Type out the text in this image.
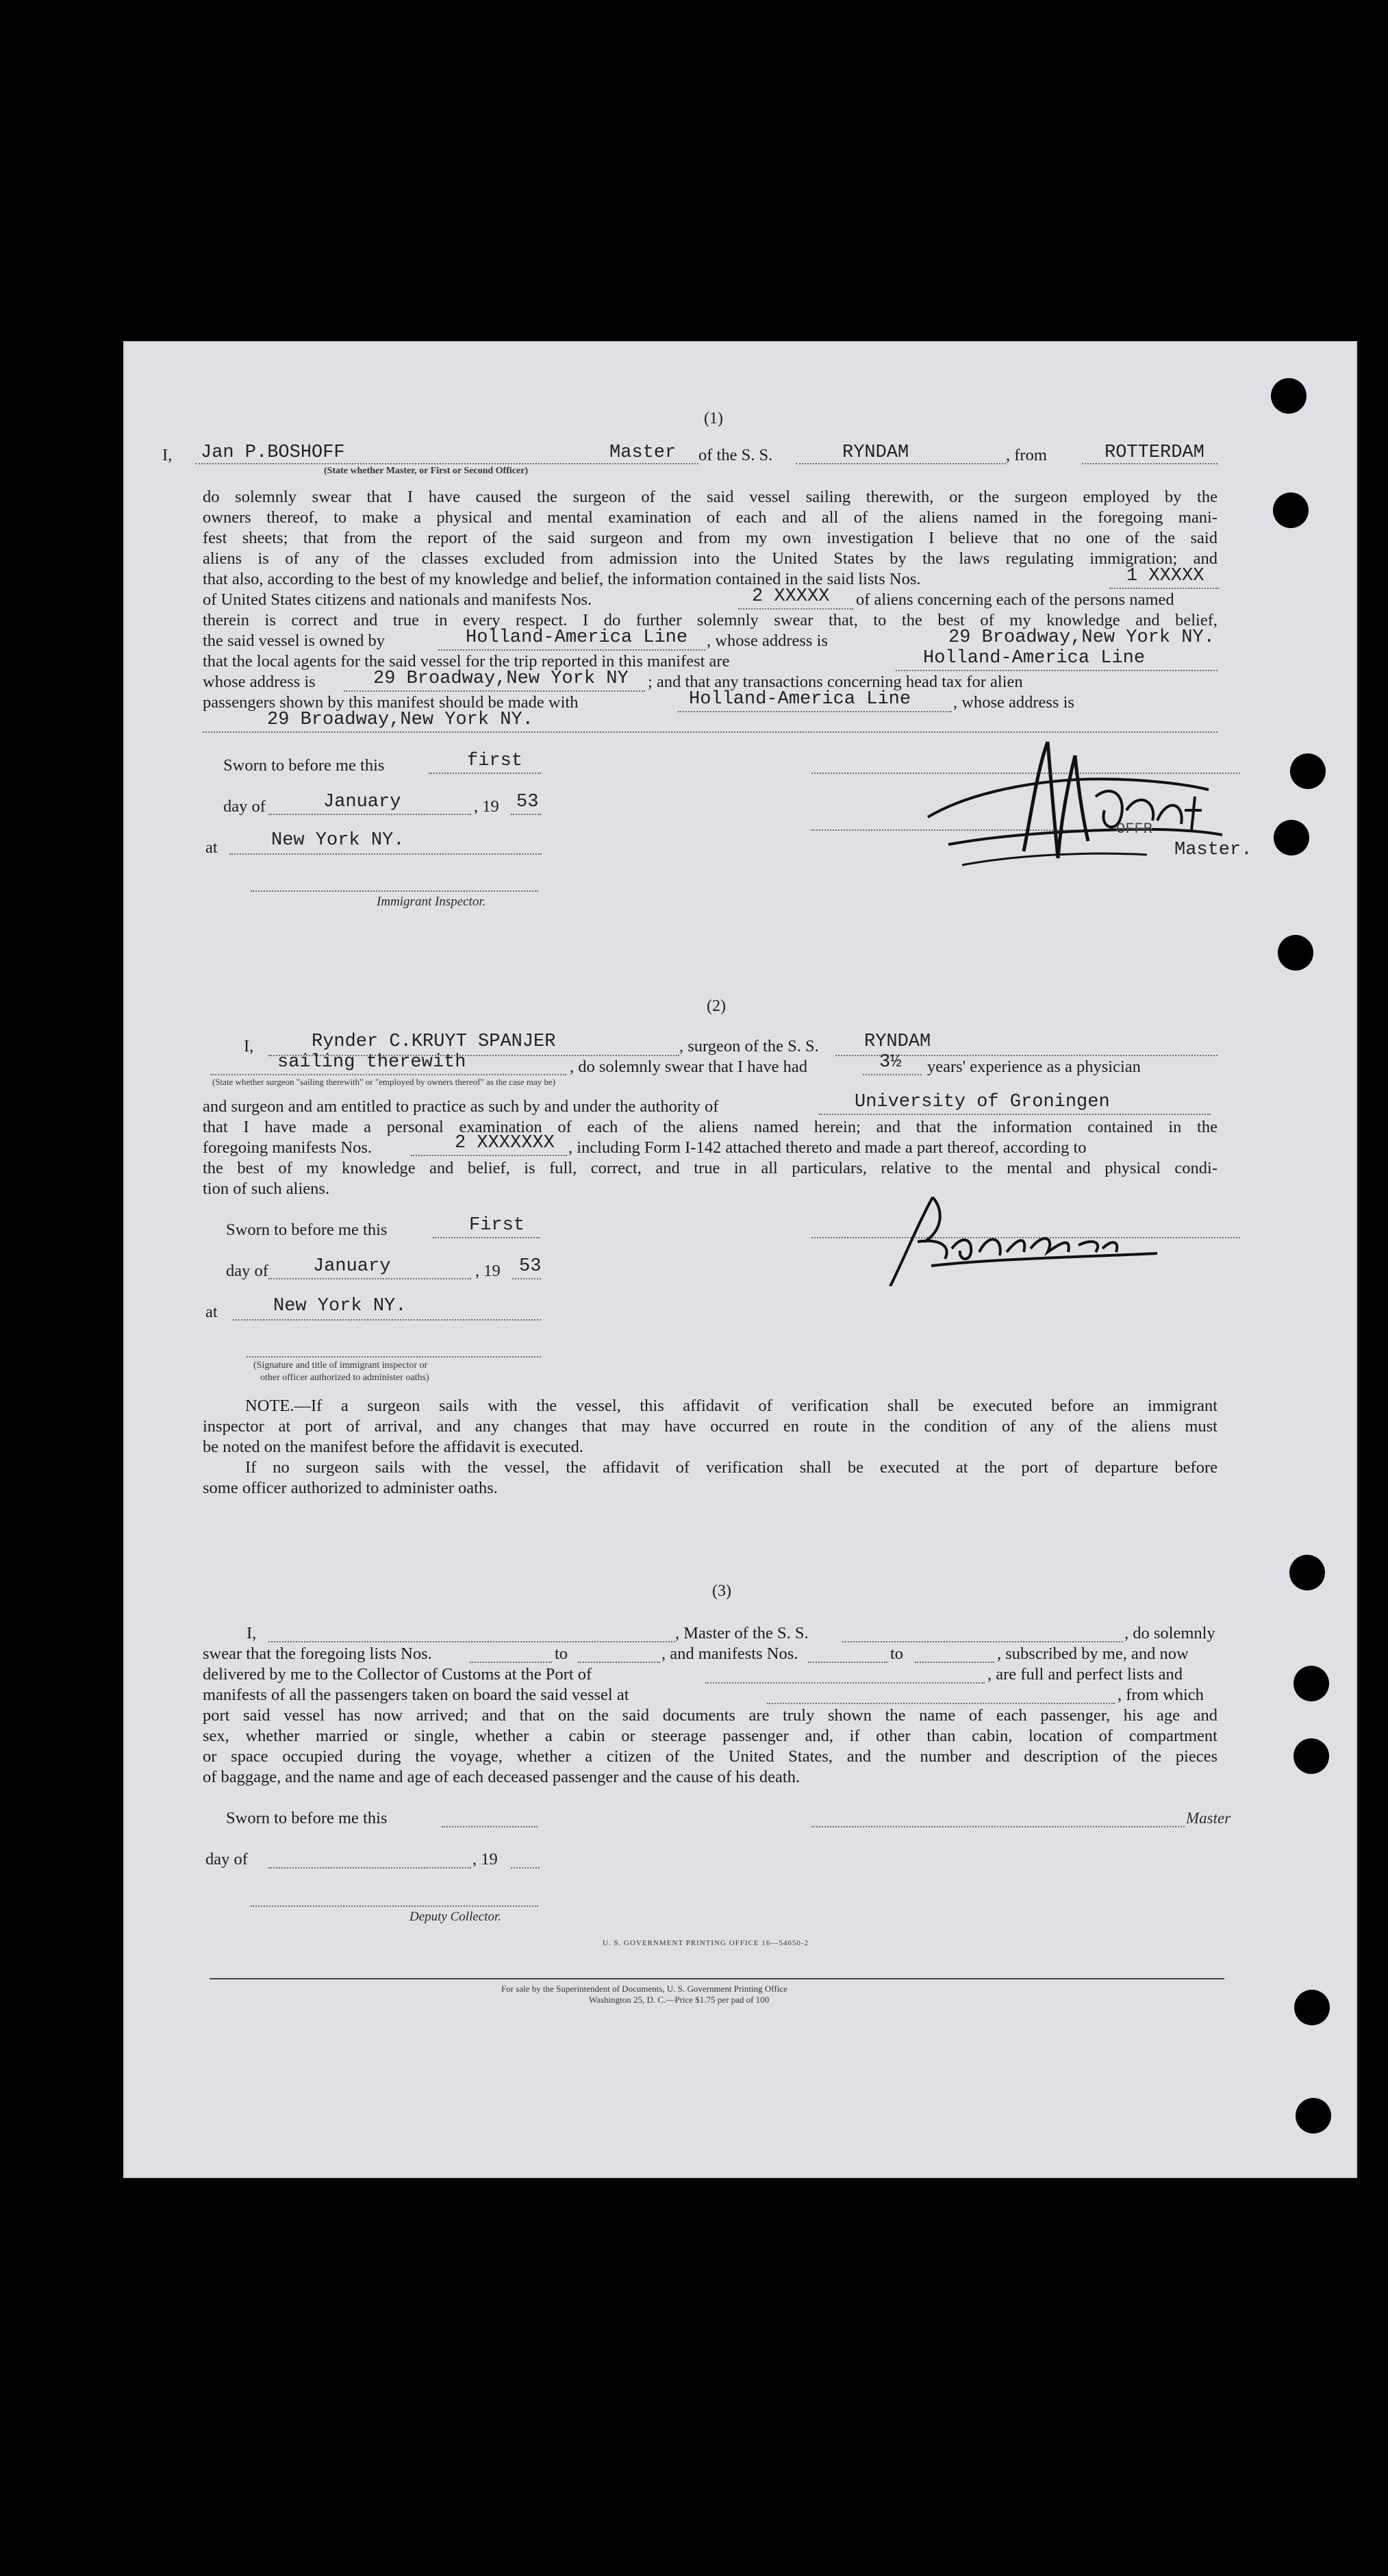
(1)
I, Jan P.BOSHOFF	Master of the S. S.	RYNDAM	, from	ROTTERDAM
(State whether Master, or First or Second Officer)
do solemnly swear that I have caused the surgeon of the said vessel sailing therewith, or the surgeon employed by the
owners thereof, to make a physical and mental examination of each and all of the aliens named in the foregoing mani-
fest sheets; that from the report of the said surgeon and from my own investigation I believe that no one of the said
aliens is of any of the classes excluded from admission into the United States by the laws regulating immigration; and
that also, according to the best of my knowledge and belief, the information contained in the said lists Nos.	1 XXXXX
of United States citizens and nationals and manifests Nos.	2 XXXXX of aliens concerning each of the persons named
therein is correct and true in every respect. I do further solemnly swear that, to the best of my knowledge and belief,
the said vessel is owned by	Holland-America Line , whose address is	29 Broadway,New York NY.
that the local agents for the said vessel for the trip reported in this manifest are	Holland-America Line
whose address is	29 Broadway,New York NY ; and that any transactions concerning head tax for alien
passengers shown by this manifest should be made with	Holland-America Line	, whose address is
29 Broadway,New York NY.
Sworn to before me this	first
day of	January	, 19 53
at	New York NY.
Immigrant Inspector.
OFFR
Master.
(2)
I,	Rynder C.KRUYT SPANJER	, surgeon of the S. S. RYNDAM
sailing therewith	, do solemnly swear that I have had	3½ years' experience as a physician
(State whether surgeon "sailing therewith" or "employed by owners thereof" as the case may be)
and surgeon and am entitled to practice as such by and under the authority of	University of Groningen
that I have made a personal examination of each of the aliens named herein; and that the information contained in the
foregoing manifests Nos.	2 XXXXXXX , including Form I-142 attached thereto and made a part thereof, according to
the best of my knowledge and belief, is full, correct, and true in all particulars, relative to the mental and physical condi-
tion of such aliens.
Sworn to before me this	First
day of January	, 19 53
at	New York NY.
(Signature and title of immigrant inspector or
other officer authorized to administer oaths)
NOTE.—If a surgeon sails with the vessel, this affidavit of verification shall be executed before an immigrant
inspector at port of arrival, and any changes that may have occurred en route in the condition of any of the aliens must
be noted on the manifest before the affidavit is executed.
If no surgeon sails with the vessel, the affidavit of verification shall be executed at the port of departure before
some officer authorized to administer oaths.
(3)
I,	, Master of the S. S.	, do solemnly
swear that the foregoing lists Nos.	to	, and manifests Nos.	to	, subscribed by me, and now
delivered by me to the Collector of Customs at the Port of	, are full and perfect lists and
manifests of all the passengers taken on board the said vessel at	, from which
port said vessel has now arrived; and that on the said documents are truly shown the name of each passenger, his age and
sex, whether married or single, whether a cabin or steerage passenger and, if other than cabin, location of compartment
or space occupied during the voyage, whether a citizen of the United States, and the number and description of the pieces
of baggage, and the name and age of each deceased passenger and the cause of his death.
Sworn to before me this	Master
day of	, 19
Deputy Collector.
U. S. GOVERNMENT PRINTING OFFICE 16—54650-2
For sale by the Superintendent of Documents, U. S. Government Printing Office
Washington 25, D. C.—Price $1.75 per pad of 100
